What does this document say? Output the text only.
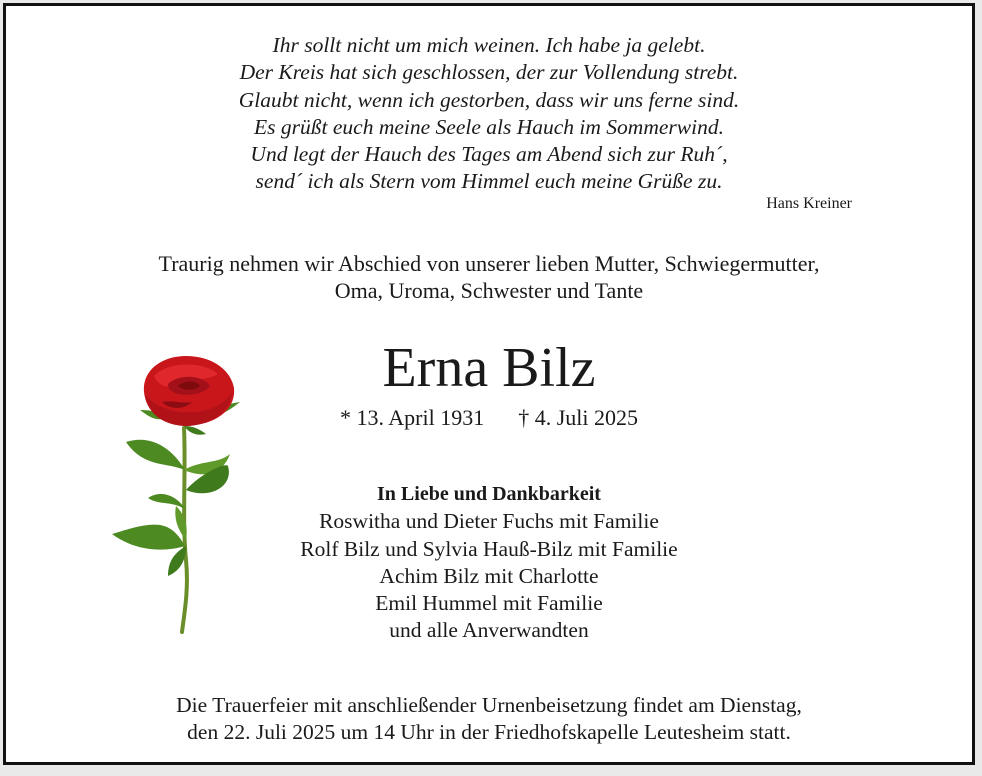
Ihr sollt nicht um mich weinen. Ich habe ja gelebt.
Der Kreis hat sich geschlossen, der zur Vollendung strebt.
Glaubt nicht, wenn ich gestorben, dass wir uns ferne sind.
Es grüßt euch meine Seele als Hauch im Sommerwind.
Und legt der Hauch des Tages am Abend sich zur Ruh´,
send´ ich als Stern vom Himmel euch meine Grüße zu.
Hans Kreiner
Traurig nehmen wir Abschied von unserer lieben Mutter, Schwiegermutter,
Oma, Uroma, Schwester und Tante
Erna Bilz
* 13. April 1931 † 4. Juli 2025
In Liebe und Dankbarkeit
Roswitha und Dieter Fuchs mit Familie
Rolf Bilz und Sylvia Hauß-Bilz mit Familie
Achim Bilz mit Charlotte
Emil Hummel mit Familie
und alle Anverwandten
Die Trauerfeier mit anschließender Urnenbeisetzung findet am Dienstag,
den 22. Juli 2025 um 14 Uhr in der Friedhofskapelle Leutesheim statt.
